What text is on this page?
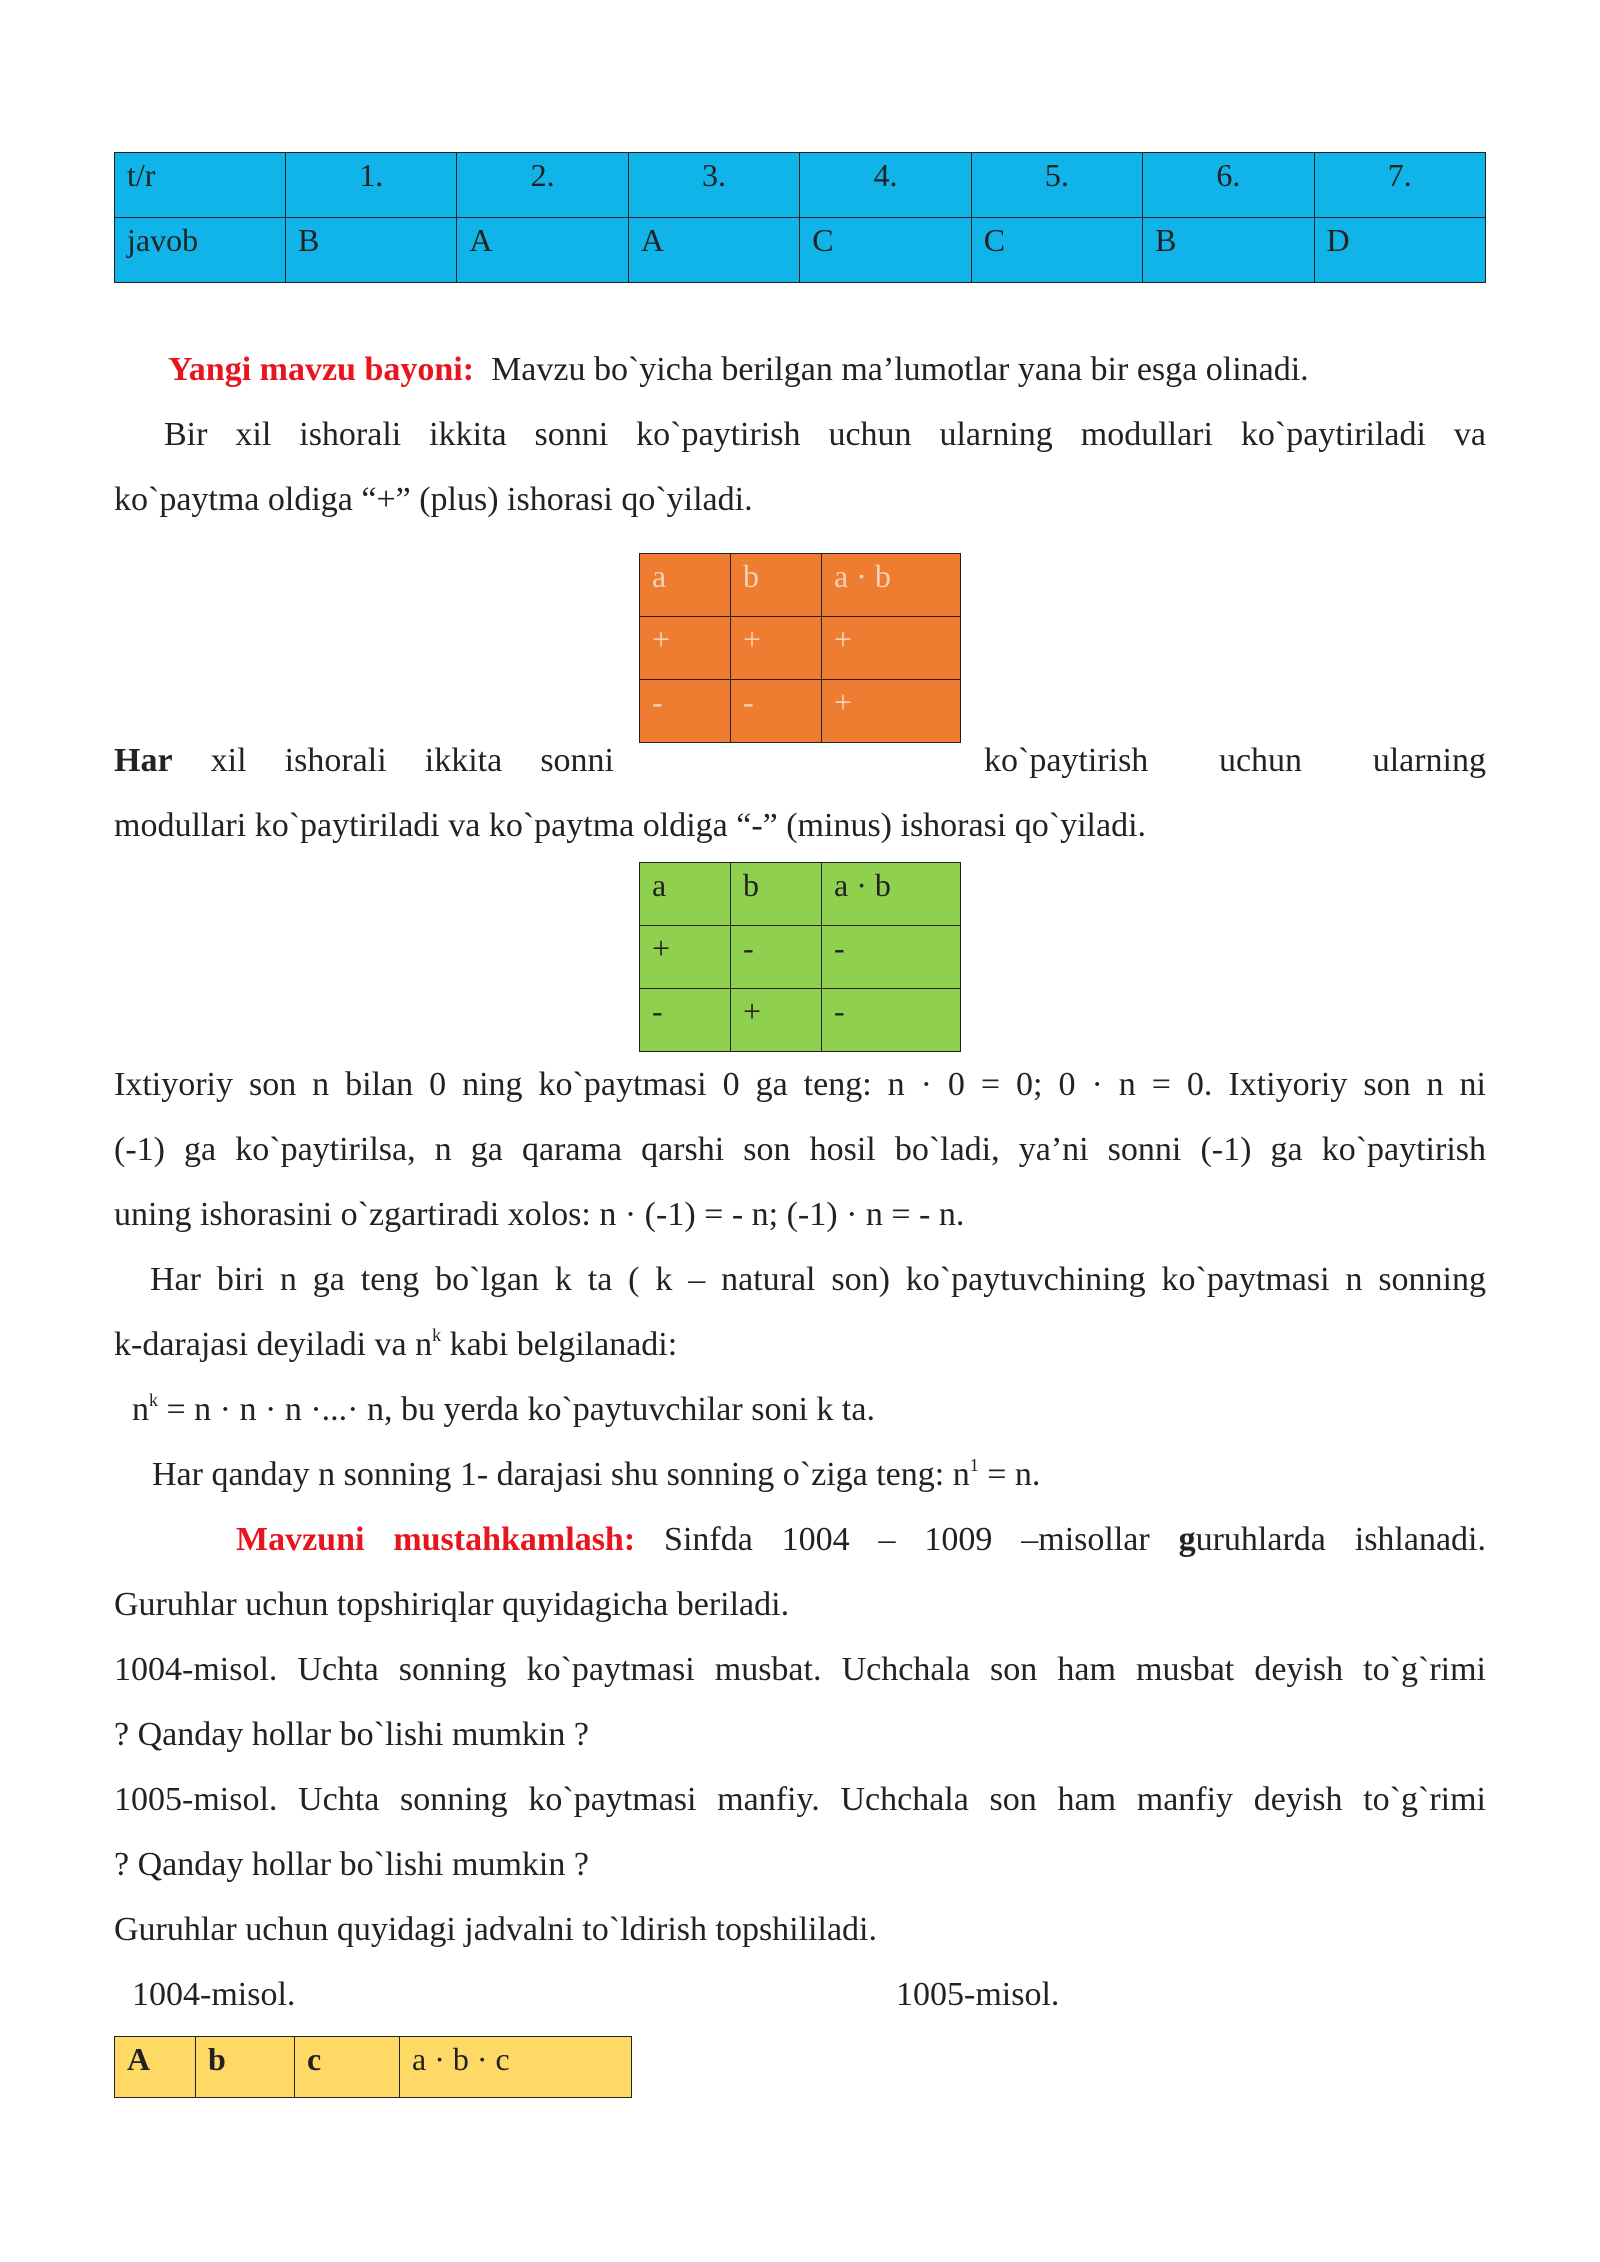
t/r	1.	2.	3.	4.	5.	6.	7.
javob	B	A	A	C	C	B	D
Yangi mavzu bayoni: Mavzu bo`yicha berilgan ma’lumotlar yana bir esga olinadi.
Bir xil ishorali ikkita sonni ko`paytirish uchun ularning modullari ko`paytiriladi va
ko`paytma oldiga “+” (plus) ishorasi qo`yiladi.
a	b	a · b
+	+	+
-	-	+
Har xil ishorali ikkita sonni	ko`paytirish uchun ularning
modullari ko`paytiriladi va ko`paytma oldiga “-” (minus) ishorasi qo`yiladi.
a	b	a · b
+	-	-
-	+	-
Ixtiyoriy son n bilan 0 ning ko`paytmasi 0 ga teng: n · 0 = 0; 0 · n = 0. Ixtiyoriy son n ni
(-1) ga ko`paytirilsa, n ga qarama qarshi son hosil bo`ladi, ya’ni sonni (-1) ga ko`paytirish
uning ishorasini o`zgartiradi xolos: n · (-1) = - n; (-1) · n = - n.
Har biri n ga teng bo`lgan k ta ( k – natural son) ko`paytuvchining ko`paytmasi n sonning
k-darajasi deyiladi va $n^k$ kabi belgilanadi:
$n^k = n \cdot n \cdot n$ ·...· n, bu yerda ko`paytuvchilar soni k ta.
Har qanday n sonning 1- darajasi shu sonning o`ziga teng: $n^1 = n$.
Mavzuni mustahkamlash: Sinfda 1004 – 1009 –misollar guruhlarda ishlanadi.
Guruhlar uchun topshiriqlar quyidagicha beriladi.
1004-misol. Uchta sonning ko`paytmasi musbat. Uchchala son ham musbat deyish to`g`rimi
? Qanday hollar bo`lishi mumkin ?
1005-misol. Uchta sonning ko`paytmasi manfiy. Uchchala son ham manfiy deyish to`g`rimi
? Qanday hollar bo`lishi mumkin ?
Guruhlar uchun quyidagi jadvalni to`ldirish topshililadi.
1004-misol.	1005-misol.
A	b	c	a · b · c
